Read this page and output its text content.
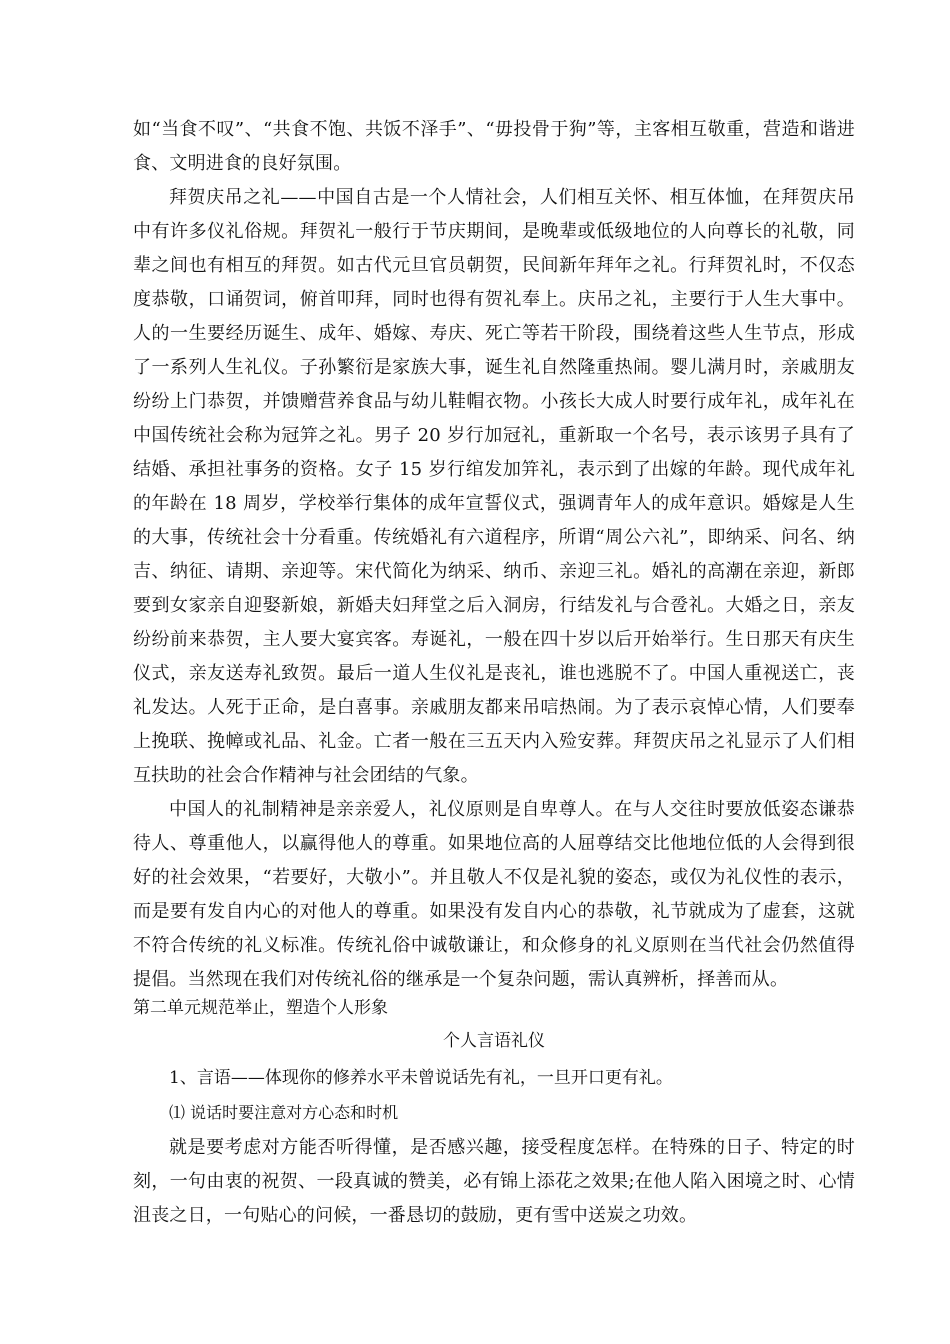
如“当食不叹”、“共食不饱、共饭不泽手”、“毋投骨于狗”等，主客相互敬重，营造和谐进食、文明进食的良好氛围。

拜贺庆吊之礼——中国自古是一个人情社会，人们相互关怀、相互体恤，在拜贺庆吊中有许多仪礼俗规。拜贺礼一般行于节庆期间，是晚辈或低级地位的人向尊长的礼敬，同辈之间也有相互的拜贺。如古代元旦官员朝贺，民间新年拜年之礼。行拜贺礼时，不仅态度恭敬，口诵贺词，俯首叩拜，同时也得有贺礼奉上。庆吊之礼，主要行于人生大事中。人的一生要经历诞生、成年、婚嫁、寿庆、死亡等若干阶段，围绕着这些人生节点，形成了一系列人生礼仪。子孙繁衍是家族大事，诞生礼自然隆重热闹。婴儿满月时，亲戚朋友纷纷上门恭贺，并馈赠营养食品与幼儿鞋帽衣物。小孩长大成人时要行成年礼，成年礼在中国传统社会称为冠笄之礼。男子 20 岁行加冠礼，重新取一个名号，表示该男子具有了结婚、承担社事务的资格。女子 15 岁行绾发加笄礼，表示到了出嫁的年龄。现代成年礼的年龄在 18 周岁，学校举行集体的成年宣誓仪式，强调青年人的成年意识。婚嫁是人生的大事，传统社会十分看重。传统婚礼有六道程序，所谓“周公六礼”，即纳采、问名、纳吉、纳征、请期、亲迎等。宋代简化为纳采、纳币、亲迎三礼。婚礼的高潮在亲迎，新郎要到女家亲自迎娶新娘，新婚夫妇拜堂之后入洞房，行结发礼与合卺礼。大婚之日，亲友纷纷前来恭贺，主人要大宴宾客。寿诞礼，一般在四十岁以后开始举行。生日那天有庆生仪式，亲友送寿礼致贺。最后一道人生仪礼是丧礼，谁也逃脱不了。中国人重视送亡，丧礼发达。人死于正命，是白喜事。亲戚朋友都来吊唁热闹。为了表示哀悼心情，人们要奉上挽联、挽幛或礼品、礼金。亡者一般在三五天内入殓安葬。拜贺庆吊之礼显示了人们相互扶助的社会合作精神与社会团结的气象。

中国人的礼制精神是亲亲爱人，礼仪原则是自卑尊人。在与人交往时要放低姿态谦恭待人、尊重他人，以赢得他人的尊重。如果地位高的人屈尊结交比他地位低的人会得到很好的社会效果，“若要好，大敬小”。并且敬人不仅是礼貌的姿态，或仅为礼仪性的表示，而是要有发自内心的对他人的尊重。如果没有发自内心的恭敬，礼节就成为了虚套，这就不符合传统的礼义标准。传统礼俗中诚敬谦让，和众修身的礼义原则在当代社会仍然值得提倡。当然现在我们对传统礼俗的继承是一个复杂问题，需认真辨析，择善而从。

第二单元规范举止，塑造个人形象

个人言语礼仪

1、言语——体现你的修养水平未曾说话先有礼，一旦开口更有礼。

⑴ 说话时要注意对方心态和时机

就是要考虑对方能否听得懂，是否感兴趣，接受程度怎样。在特殊的日子、特定的时刻，一句由衷的祝贺、一段真诚的赞美，必有锦上添花之效果;在他人陷入困境之时、心情沮丧之日，一句贴心的问候，一番恳切的鼓励，更有雪中送炭之功效。
